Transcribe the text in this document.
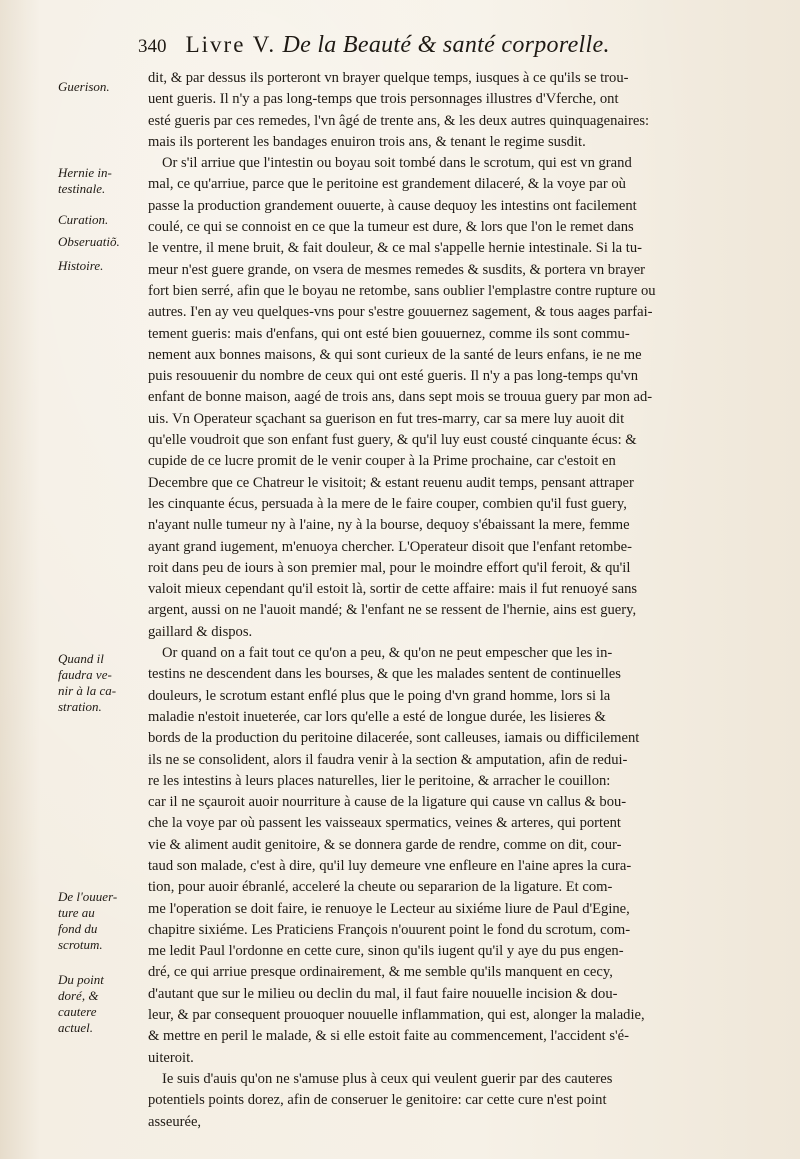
340 Livre V. De la Beauté & santé corporelle.
Guerison.
Hernie in-
testinale.
Curation.
Obseruatiõ.
Histoire.
Quand il
faudra ve-
nir à la ca-
stration.
De l'ouuer-
ture au
fond du
scrotum.
Du point
doré, &
cautere
actuel.

dit, & par dessus ils porteront vn brayer quelque temps, iusques à ce qu'ils se trou-
uent gueris. Il n'y a pas long-temps que trois personnages illustres d'Vferche, ont
esté gueris par ces remedes, l'vn âgé de trente ans, & les deux autres quinquagenaires:
mais ils porterent les bandages enuiron trois ans, & tenant le regime susdit.

Or s'il arriue que l'intestin ou boyau soit tombé dans le scrotum, qui est vn grand
mal, ce qu'arriue, parce que le peritoine est grandement dilaceré, & la voye par où
passe la production grandement ouuerte, à cause dequoy les intestins ont facilement
coulé, ce qui se connoist en ce que la tumeur est dure, & lors que l'on le remet dans
le ventre, il mene bruit, & fait douleur, & ce mal s'appelle hernie intestinale. Si la tu-
meur n'est guere grande, on vsera de mesmes remedes & susdits, & portera vn brayer
fort bien serré, afin que le boyau ne retombe, sans oublier l'emplastre contre rupture ou
autres. I'en ay veu quelques-vns pour s'estre gouuernez sagement, & tous aages parfai-
tement gueris: mais d'enfans, qui ont esté bien gouuernez, comme ils sont commu-
nement aux bonnes maisons, & qui sont curieux de la santé de leurs enfans, ie ne me
puis resouuenir du nombre de ceux qui ont esté gueris. Il n'y a pas long-temps qu'vn
enfant de bonne maison, aagé de trois ans, dans sept mois se trouua guery par mon ad-
uis. Vn Operateur sçachant sa guerison en fut tres-marry, car sa mere luy auoit dit
qu'elle voudroit que son enfant fust guery, & qu'il luy eust cousté cinquante écus: &
cupide de ce lucre promit de le venir couper à la Prime prochaine, car c'estoit en
Decembre que ce Chatreur le visitoit; & estant reuenu audit temps, pensant attraper
les cinquante écus, persuada à la mere de le faire couper, combien qu'il fust guery,
n'ayant nulle tumeur ny à l'aine, ny à la bourse, dequoy s'ébaissant la mere, femme
ayant grand iugement, m'enuoya chercher. L'Operateur disoit que l'enfant retombe-
roit dans peu de iours à son premier mal, pour le moindre effort qu'il feroit, & qu'il
valoit mieux cependant qu'il estoit là, sortir de cette affaire: mais il fut renuoyé sans
argent, aussi on ne l'auoit mandé; & l'enfant ne se ressent de l'hernie, ains est guery,
gaillard & dispos.

Or quand on a fait tout ce qu'on a peu, & qu'on ne peut empescher que les in-
testins ne descendent dans les bourses, & que les malades sentent de continuelles
douleurs, le scrotum estant enflé plus que le poing d'vn grand homme, lors si la
maladie n'estoit inueterée, car lors qu'elle a esté de longue durée, les lisieres &
bords de la production du peritoine dilacerée, sont calleuses, iamais ou difficilement
ils ne se consolident, alors il faudra venir à la section & amputation, afin de redui-
re les intestins à leurs places naturelles, lier le peritoine, & arracher le couillon:
car il ne sçauroit auoir nourriture à cause de la ligature qui cause vn callus & bou-
che la voye par où passent les vaisseaux spermatics, veines & arteres, qui portent
vie & aliment audit genitoire, & se donnera garde de rendre, comme on dit, cour-
taud son malade, c'est à dire, qu'il luy demeure vne enfleure en l'aine apres la cura-
tion, pour auoir ébranlé, acceleré la cheute ou separarion de la ligature. Et com-
me l'operation se doit faire, ie renuoye le Lecteur au sixiéme liure de Paul d'Egine,
chapitre sixiéme. Les Praticiens François n'ouurent point le fond du scrotum, com-
me ledit Paul l'ordonne en cette cure, sinon qu'ils iugent qu'il y aye du pus engen-
dré, ce qui arriue presque ordinairement, & me semble qu'ils manquent en cecy,
d'autant que sur le milieu ou declin du mal, il faut faire nouuelle incision & dou-
leur, & par consequent prouoquer nouuelle inflammation, qui est, alonger la maladie,
& mettre en peril le malade, & si elle estoit faite au commencement, l'accident s'é-
uiteroit.

Ie suis d'auis qu'on ne s'amuse plus à ceux qui veulent guerir par des cauteres
potentiels points dorez, afin de conseruer le genitoire: car cette cure n'est point
asseurée,
